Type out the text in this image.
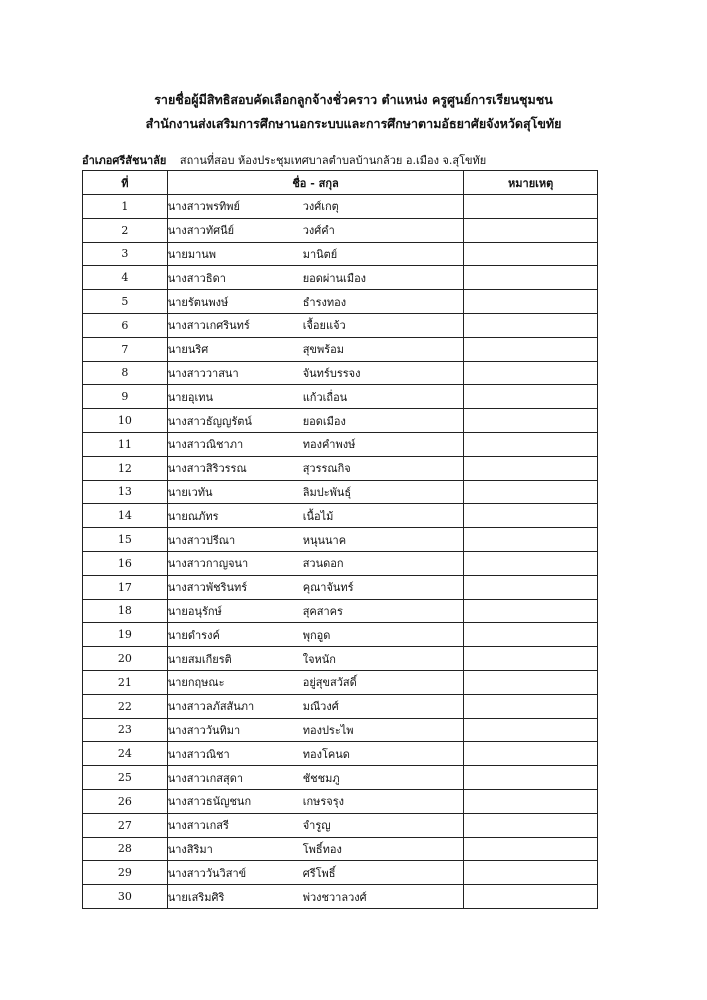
รายชื่อผู้มีสิทธิสอบคัดเลือกลูกจ้างชั่วคราว ตำแหน่ง ครูศูนย์การเรียนชุมชน
สำนักงานส่งเสริมการศึกษานอกระบบและการศึกษาตามอัธยาศัยจังหวัดสุโขทัย
อำเภอศรีสัชนาลัย สถานที่สอบ ห้องประชุมเทศบาลตำบลบ้านกล้วย อ.เมือง จ.สุโขทัย
ที่	ชื่อ - สกุล	หมายเหตุ
1	นางสาวพรทิพย์ วงศ์เกตุ	
2	นางสาวทัศนีย์ วงศ์คำ	
3	นายมานพ มานิตย์	
4	นางสาวธิดา ยอดผ่านเมือง	
5	นายรัตนพงษ์ ธำรงทอง	
6	นางสาวเกศรินทร์ เจื้อยแจ้ว	
7	นายนริศ สุขพร้อม	
8	นางสาววาสนา จันทร์บรรจง	
9	นายอุเทน แก้วเถื่อน	
10	นางสาวธัญญรัตน์ ยอดเมือง	
11	นางสาวณิชาภา ทองคำพงษ์	
12	นางสาวสิริวรรณ สุวรรณกิจ	
13	นายเวทัน ลิมปะพันธุ์	
14	นายณภัทร เนื้อไม้	
15	นางสาวปรีณา หนุนนาค	
16	นางสาวกาญจนา สวนดอก	
17	นางสาวพัชรินทร์ คุณาจันทร์	
18	นายอนุรักษ์ สุคสาคร	
19	นายดำรงค์ พุกอูด	
20	นายสมเกียรติ ใจหนัก	
21	นายกฤษณะ อยู่สุขสวัสดิ์	
22	นางสาวลภัสสันภา มณีวงศ์	
23	นางสาววันทิมา ทองประไพ	
24	นางสาวณิชา ทองโคนด	
25	นางสาวเกสสุดา ชัชชมภู	
26	นางสาวธนัญชนก เกษรจรุง	
27	นางสาวเกสรี จำรูญ	
28	นางสิริมา โพธิ์ทอง	
29	นางสาววันวิสาข์ ศรีโพธิ์	
30	นายเสริมศิริ พ่วงชวาลวงศ์	
